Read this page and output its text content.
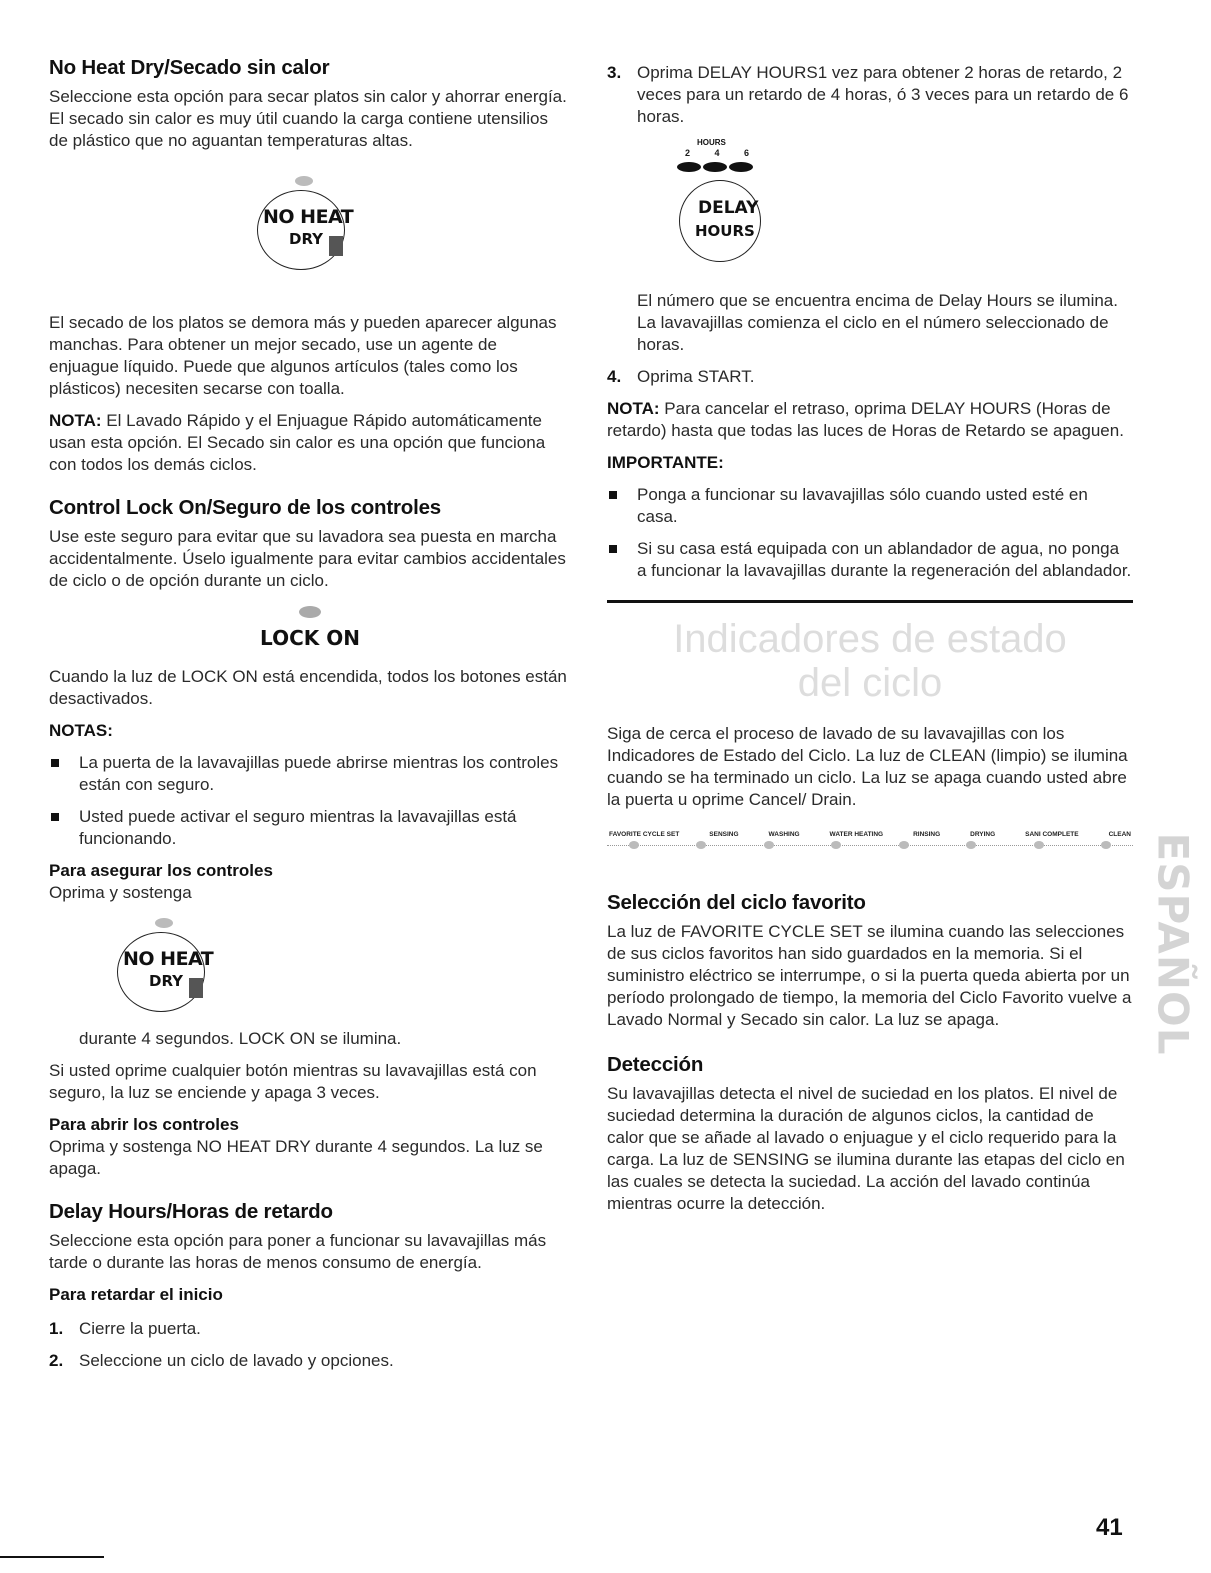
No Heat Dry/Secado sin calor

Seleccione esta opción para secar platos sin calor y ahorrar energía. El secado sin calor es muy útil cuando la carga contiene utensilios de plástico que no aguantan temperaturas altas.

NO HEAT
DRY

El secado de los platos se demora más y pueden aparecer algunas manchas. Para obtener un mejor secado, use un agente de enjuague líquido. Puede que algunos artículos (tales como los plásticos) necesiten secarse con toalla.

NOTA: El Lavado Rápido y el Enjuague Rápido automáticamente usan esta opción. El Secado sin calor es una opción que funciona con todos los demás ciclos.

Control Lock On/Seguro de los controles

Use este seguro para evitar que su lavadora sea puesta en marcha accidentalmente. Úselo igualmente para evitar cambios accidentales de ciclo o de opción durante un ciclo.

LOCK ON

Cuando la luz de LOCK ON está encendida, todos los botones están desactivados.

NOTAS:
La puerta de la lavavajillas puede abrirse mientras los controles están con seguro.
Usted puede activar el seguro mientras la lavavajillas está funcionando.
Para asegurar los controles

Oprima y sostenga

NO HEAT
DRY

durante 4 segundos. LOCK ON se ilumina.

Si usted oprime cualquier botón mientras su lavavajillas está con seguro, la luz se enciende y apaga 3 veces.

Para abrir los controles

Oprima y sostenga NO HEAT DRY durante 4 segundos. La luz se apaga.

Delay Hours/Horas de retardo

Seleccione esta opción para poner a funcionar su lavavajillas más tarde o durante las horas de menos consumo de energía.

Para retardar el inicio
1. Cierre la puerta.
2. Seleccione un ciclo de lavado y opciones.
3. Oprima DELAY HOURS1 vez para obtener 2 horas de retardo, 2 veces para un retardo de 4 horas, ó 3 veces para un retardo de 6 horas.
HOURS
2	4	6
DELAY
HOURS

El número que se encuentra encima de Delay Hours se ilumina. La lavavajillas comienza el ciclo en el número seleccionado de horas.

4. Oprima START.

NOTA: Para cancelar el retraso, oprima DELAY HOURS (Horas de retardo) hasta que todas las luces de Horas de Retardo se apaguen.

IMPORTANTE:
Ponga a funcionar su lavavajillas sólo cuando usted esté en casa.
Si su casa está equipada con un ablandador de agua, no ponga a funcionar la lavavajillas durante la regeneración del ablandador.
Indicadores de estado
del ciclo

Siga de cerca el proceso de lavado de su lavavajillas con los Indicadores de Estado del Ciclo. La luz de CLEAN (limpio) se ilumina cuando se ha terminado un ciclo. La luz se apaga cuando usted abre la puerta u oprime Cancel/ Drain.

FAVORITE CYCLE SET	SENSING	WASHING	WATER HEATING	RINSING	DRYING	SANI COMPLETE	CLEAN
Selección del ciclo favorito

La luz de FAVORITE CYCLE SET se ilumina cuando las selecciones de sus ciclos favoritos han sido guardados en la memoria. Si el suministro eléctrico se interrumpe, o si la puerta queda abierta por un período prolongado de tiempo, la memoria del Ciclo Favorito vuelve a Lavado Normal y Secado sin calor. La luz se apaga.

Detección

Su lavavajillas detecta el nivel de suciedad en los platos. El nivel de suciedad determina la duración de algunos ciclos, la cantidad de calor que se añade al lavado o enjuague y el ciclo requerido para la carga. La luz de SENSING se ilumina durante las etapas del ciclo en las cuales se detecta la suciedad. La acción del lavado continúa mientras ocurre la detección.

ESPAÑOL
41
